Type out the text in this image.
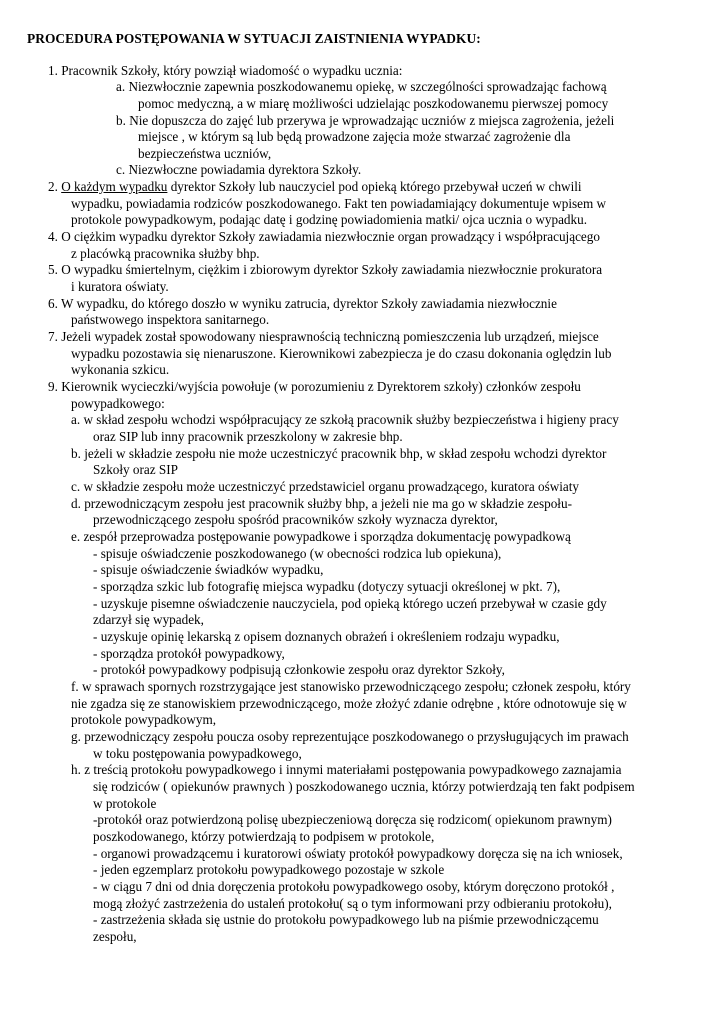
PROCEDURA POSTĘPOWANIA W SYTUACJI ZAISTNIENIA WYPADKU:
1. Pracownik Szkoły, który powziął wiadomość o wypadku ucznia:
a. Niezwłocznie zapewnia poszkodowanemu opiekę, w szczególności sprowadzając fachową
pomoc medyczną, a w miarę możliwości udzielając poszkodowanemu pierwszej pomocy
b. Nie dopuszcza do zajęć lub przerywa je wprowadzając uczniów z miejsca zagrożenia, jeżeli
miejsce , w którym są lub będą prowadzone zajęcia może stwarzać zagrożenie dla
bezpieczeństwa uczniów,
c. Niezwłoczne powiadamia dyrektora Szkoły.
2. O każdym wypadku dyrektor Szkoły lub nauczyciel pod opieką którego przebywał uczeń w chwili
wypadku, powiadamia rodziców poszkodowanego. Fakt ten powiadamiający dokumentuje wpisem w
protokole powypadkowym, podając datę i godzinę powiadomienia matki/ ojca ucznia o wypadku.
4. O ciężkim wypadku dyrektor Szkoły zawiadamia niezwłocznie organ prowadzący i współpracującego
z placówką pracownika służby bhp.
5. O wypadku śmiertelnym, ciężkim i zbiorowym dyrektor Szkoły zawiadamia niezwłocznie prokuratora
i kuratora oświaty.
6. W wypadku, do którego doszło w wyniku zatrucia, dyrektor Szkoły zawiadamia niezwłocznie
państwowego inspektora sanitarnego.
7. Jeżeli wypadek został spowodowany niesprawnością techniczną pomieszczenia lub urządzeń, miejsce
wypadku pozostawia się nienaruszone. Kierownikowi zabezpiecza je do czasu dokonania oględzin lub
wykonania szkicu.
9. Kierownik wycieczki/wyjścia powołuje (w porozumieniu z Dyrektorem szkoły) członków zespołu
powypadkowego:
a. w skład zespołu wchodzi współpracujący ze szkołą pracownik służby bezpieczeństwa i higieny pracy
oraz SIP lub inny pracownik przeszkolony w zakresie bhp.
b. jeżeli w składzie zespołu nie może uczestniczyć pracownik bhp, w skład zespołu wchodzi dyrektor
Szkoły oraz SIP
c. w składzie zespołu może uczestniczyć przedstawiciel organu prowadzącego, kuratora oświaty
d. przewodniczącym zespołu jest pracownik służby bhp, a jeżeli nie ma go w składzie zespołu-
przewodniczącego zespołu spośród pracowników szkoły wyznacza dyrektor,
e. zespół przeprowadza postępowanie powypadkowe i sporządza dokumentację powypadkową
- spisuje oświadczenie poszkodowanego (w obecności rodzica lub opiekuna),
- spisuje oświadczenie świadków wypadku,
- sporządza szkic lub fotografię miejsca wypadku (dotyczy sytuacji określonej w pkt. 7),
- uzyskuje pisemne oświadczenie nauczyciela, pod opieką którego uczeń przebywał w czasie gdy
zdarzył się wypadek,
- uzyskuje opinię lekarską z opisem doznanych obrażeń i określeniem rodzaju wypadku,
- sporządza protokół powypadkowy,
- protokół powypadkowy podpisują członkowie zespołu oraz dyrektor Szkoły,
f. w sprawach spornych rozstrzygające jest stanowisko przewodniczącego zespołu; członek zespołu, który
nie zgadza się ze stanowiskiem przewodniczącego, może złożyć zdanie odrębne , które odnotowuje się w
protokole powypadkowym,
g. przewodniczący zespołu poucza osoby reprezentujące poszkodowanego o przysługujących im prawach
w toku postępowania powypadkowego,
h. z treścią protokołu powypadkowego i innymi materiałami postępowania powypadkowego zaznajamia
się rodziców ( opiekunów prawnych ) poszkodowanego ucznia, którzy potwierdzają ten fakt podpisem
w protokole
-protokół oraz potwierdzoną polisę ubezpieczeniową doręcza się rodzicom( opiekunom prawnym)
poszkodowanego, którzy potwierdzają to podpisem w protokole,
- organowi prowadzącemu i kuratorowi oświaty protokół powypadkowy doręcza się na ich wniosek,
- jeden egzemplarz protokołu powypadkowego pozostaje w szkole
- w ciągu 7 dni od dnia doręczenia protokołu powypadkowego osoby, którym doręczono protokół ,
mogą złożyć zastrzeżenia do ustaleń protokołu( są o tym informowani przy odbieraniu protokołu),
- zastrzeżenia składa się ustnie do protokołu powypadkowego lub na piśmie przewodniczącemu
zespołu,
